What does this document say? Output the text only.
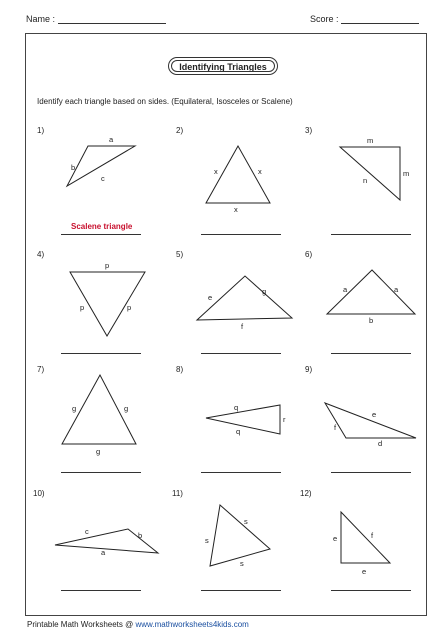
Name :	Score :
Identifying Triangles
Identify each triangle based on sides. (Equilateral, Isosceles or Scalene)
1)	2)	3)
4)	5)	6)
7)	8)	9)
10)	11)	12)
Scalene triangle
a
b
c
x	x
x
m
m
n
p
p	p
e
g
f
a	a
b
g	g
g
q
r
q
e
f
d
c	b
a
s
s
s
e	f
e
Printable Math Worksheets @ www.mathworksheets4kids.com
